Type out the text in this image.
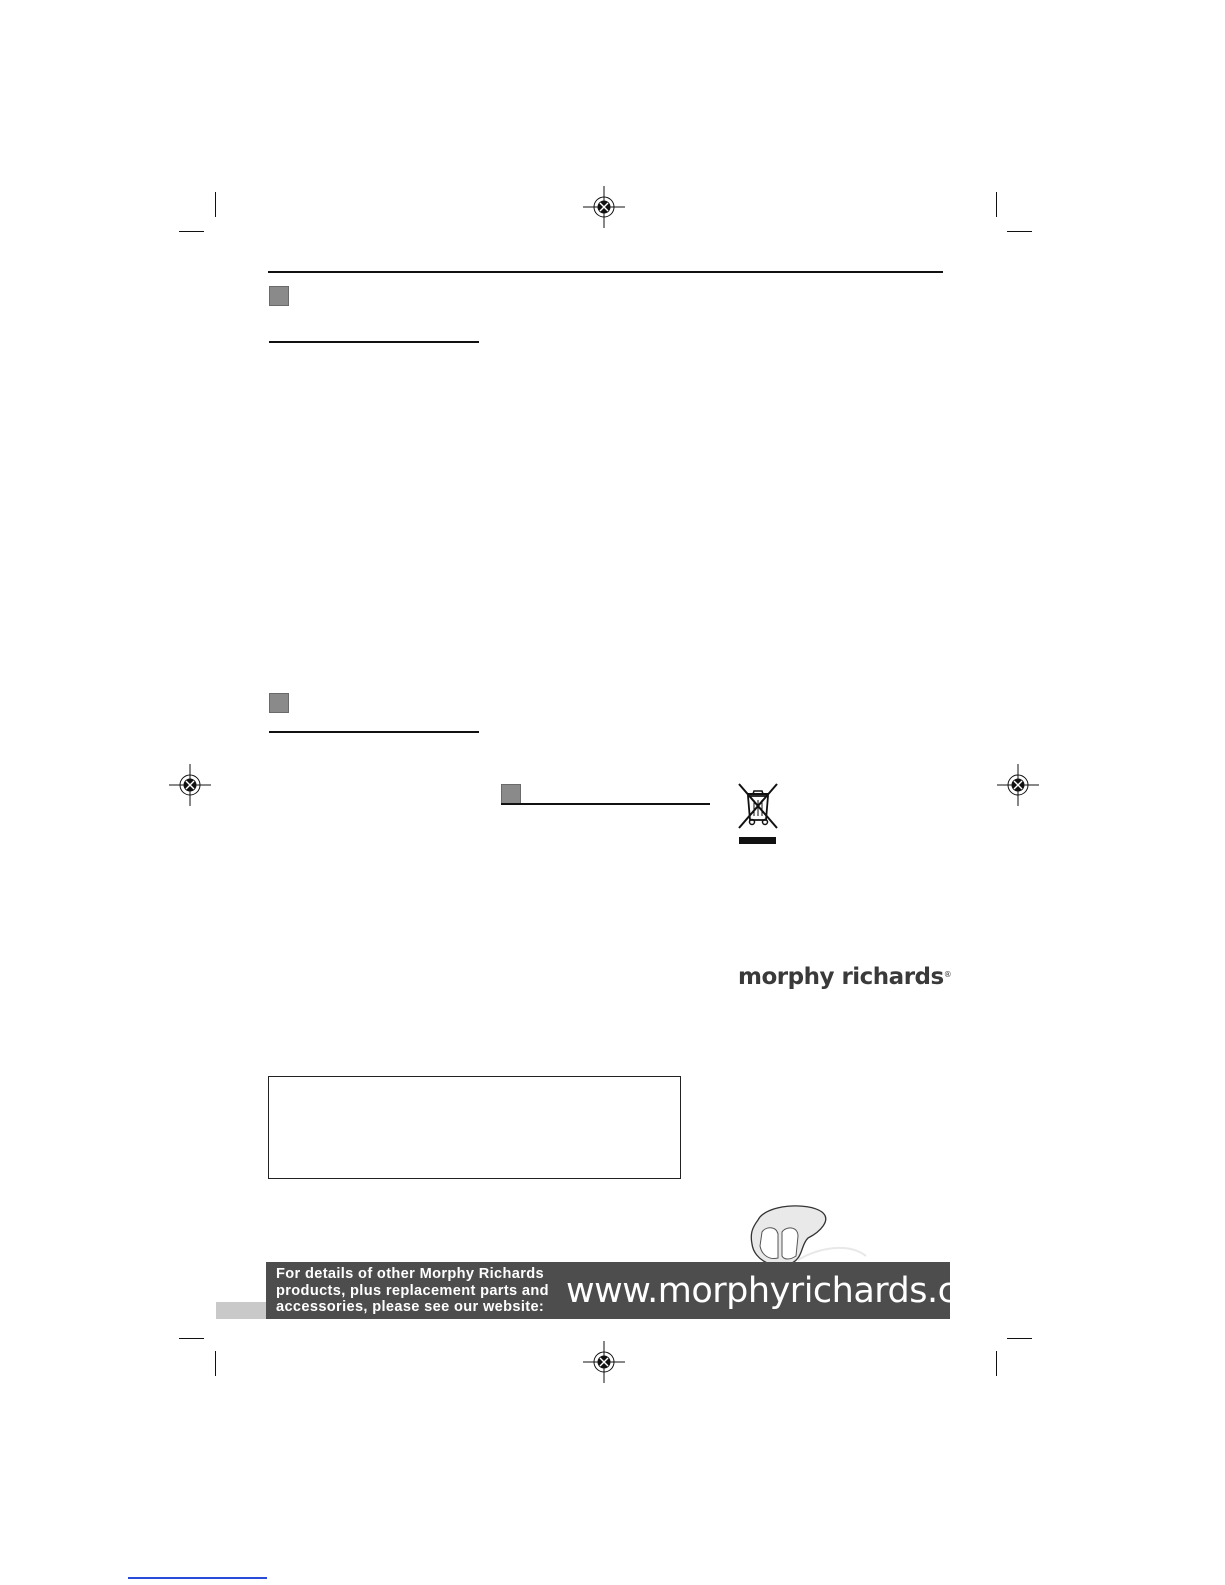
morphy richards®
For details of other Morphy Richards
products, plus replacement parts and
accessories, please see our website: www.morphyrichards.com
